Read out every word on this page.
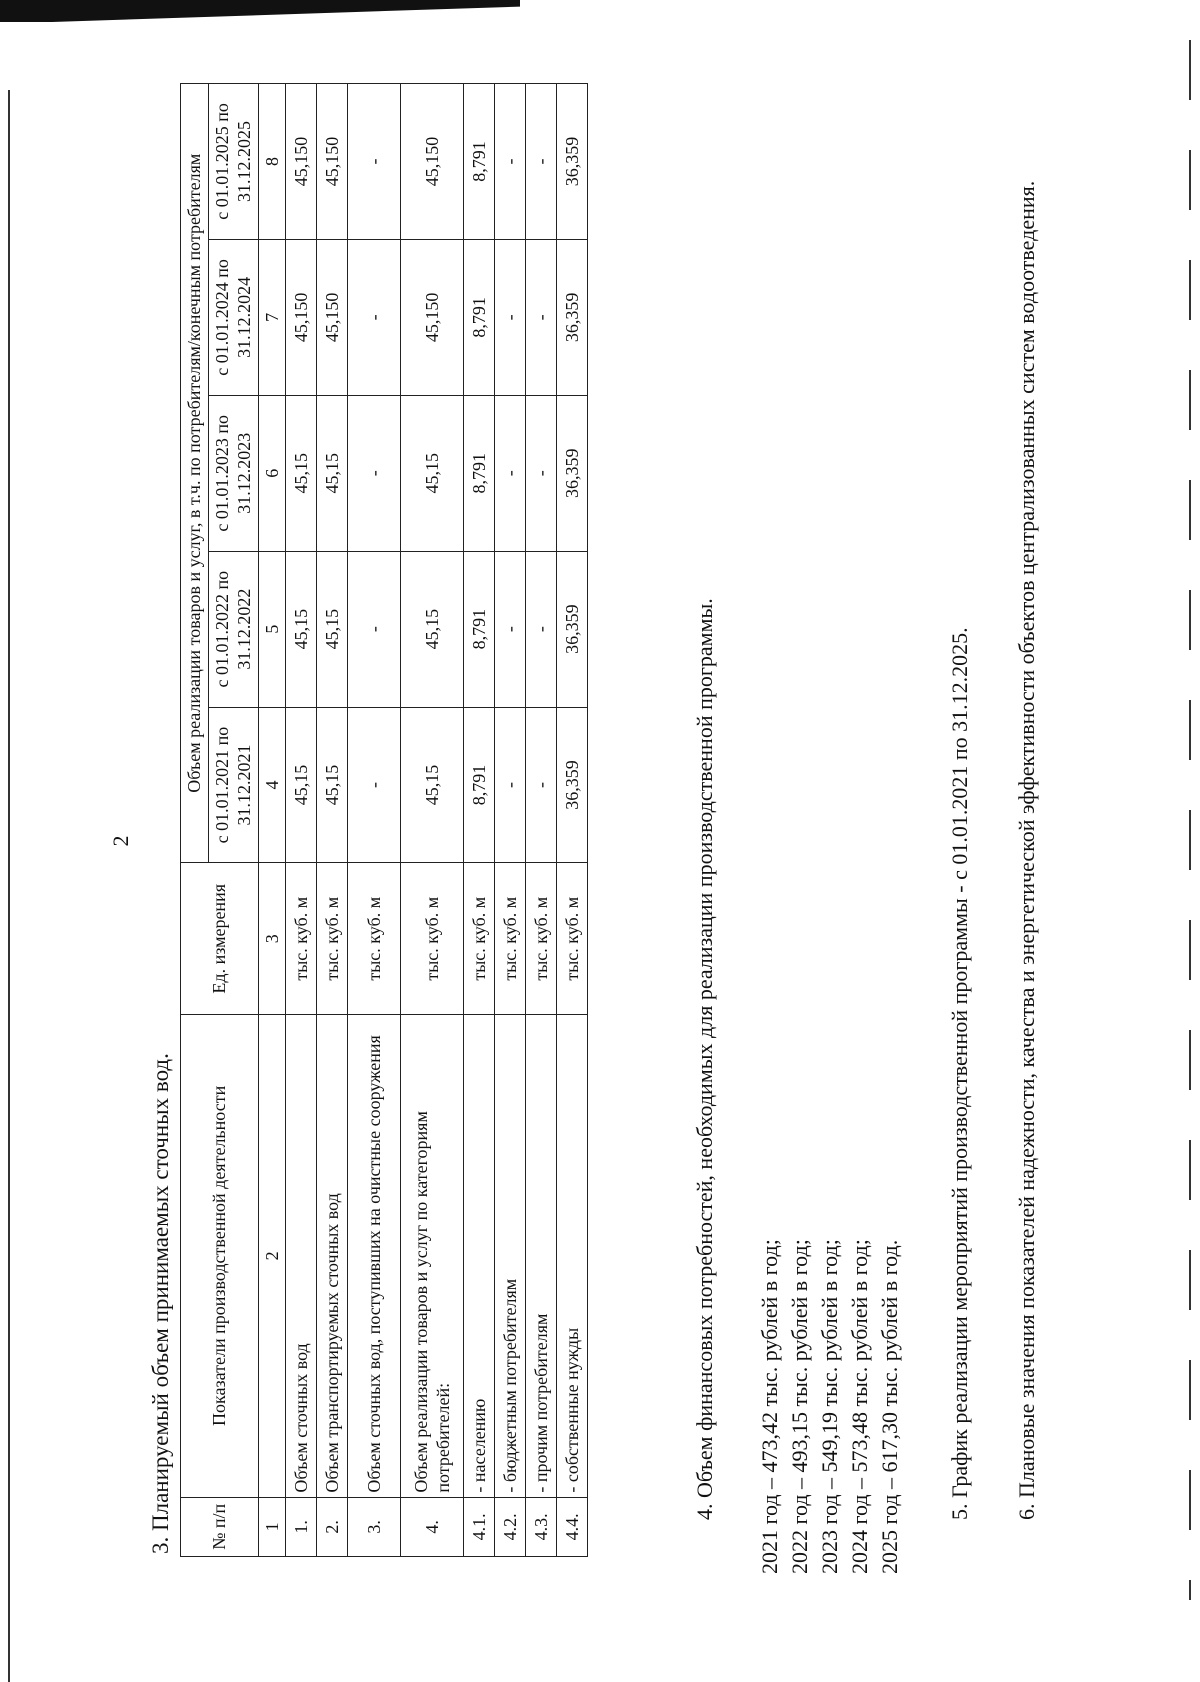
2
3. Планируемый объем принимаемых сточных вод. № п/п	Показатели производственной деятельности	Ед. измерения	Объем реализации товаров и услуг, в т.ч. по потребителям/конечным потребителям				
			с 01.01.2021 по 31.12.2021	с 01.01.2022 по 31.12.2022	с 01.01.2023 по 31.12.2023	с 01.01.2024 по 31.12.2024	с 01.01.2025 по 31.12.2025
1	2	3	4	5	6	7	8
1.	Объем сточных вод	тыс. куб. м	45,15	45,15	45,15	45,150	45,150
2.	Объем транспортируемых сточных вод	тыс. куб. м	45,15	45,15	45,15	45,150	45,150
3.	Объем сточных вод, поступивших на очистные сооружения	тыс. куб. м	-	-	-	-	-
4.	Объем реализации товаров и услуг по категориям потребителей:	тыс. куб. м	45,15	45,15	45,15	45,150	45,150
4.1.	- населению	тыс. куб. м	8,791	8,791	8,791	8,791	8,791
4.2.	- бюджетным потребителям	тыс. куб. м	-	-	-	-	-
4.3.	- прочим потребителям	тыс. куб. м	-	-	-	-	-
4.4.	- собственные нужды	тыс. куб. м	36,359	36,359	36,359	36,359	36,359
4. Объем финансовых потребностей, необходимых для реализации производственной программы. 2021 год – 473,42 тыс. рублей в год; 2022 год – 493,15 тыс. рублей в год; 2023 год – 549,19 тыс. рублей в год; 2024 год – 573,48 тыс. рублей в год; 2025 год – 617,30 тыс. рублей в год. 5. График реализации мероприятий производственной программы - с 01.01.2021 по 31.12.2025. 6. Плановые значения показателей надежности, качества и энергетической эффективности объектов централизованных систем водоотведения.
